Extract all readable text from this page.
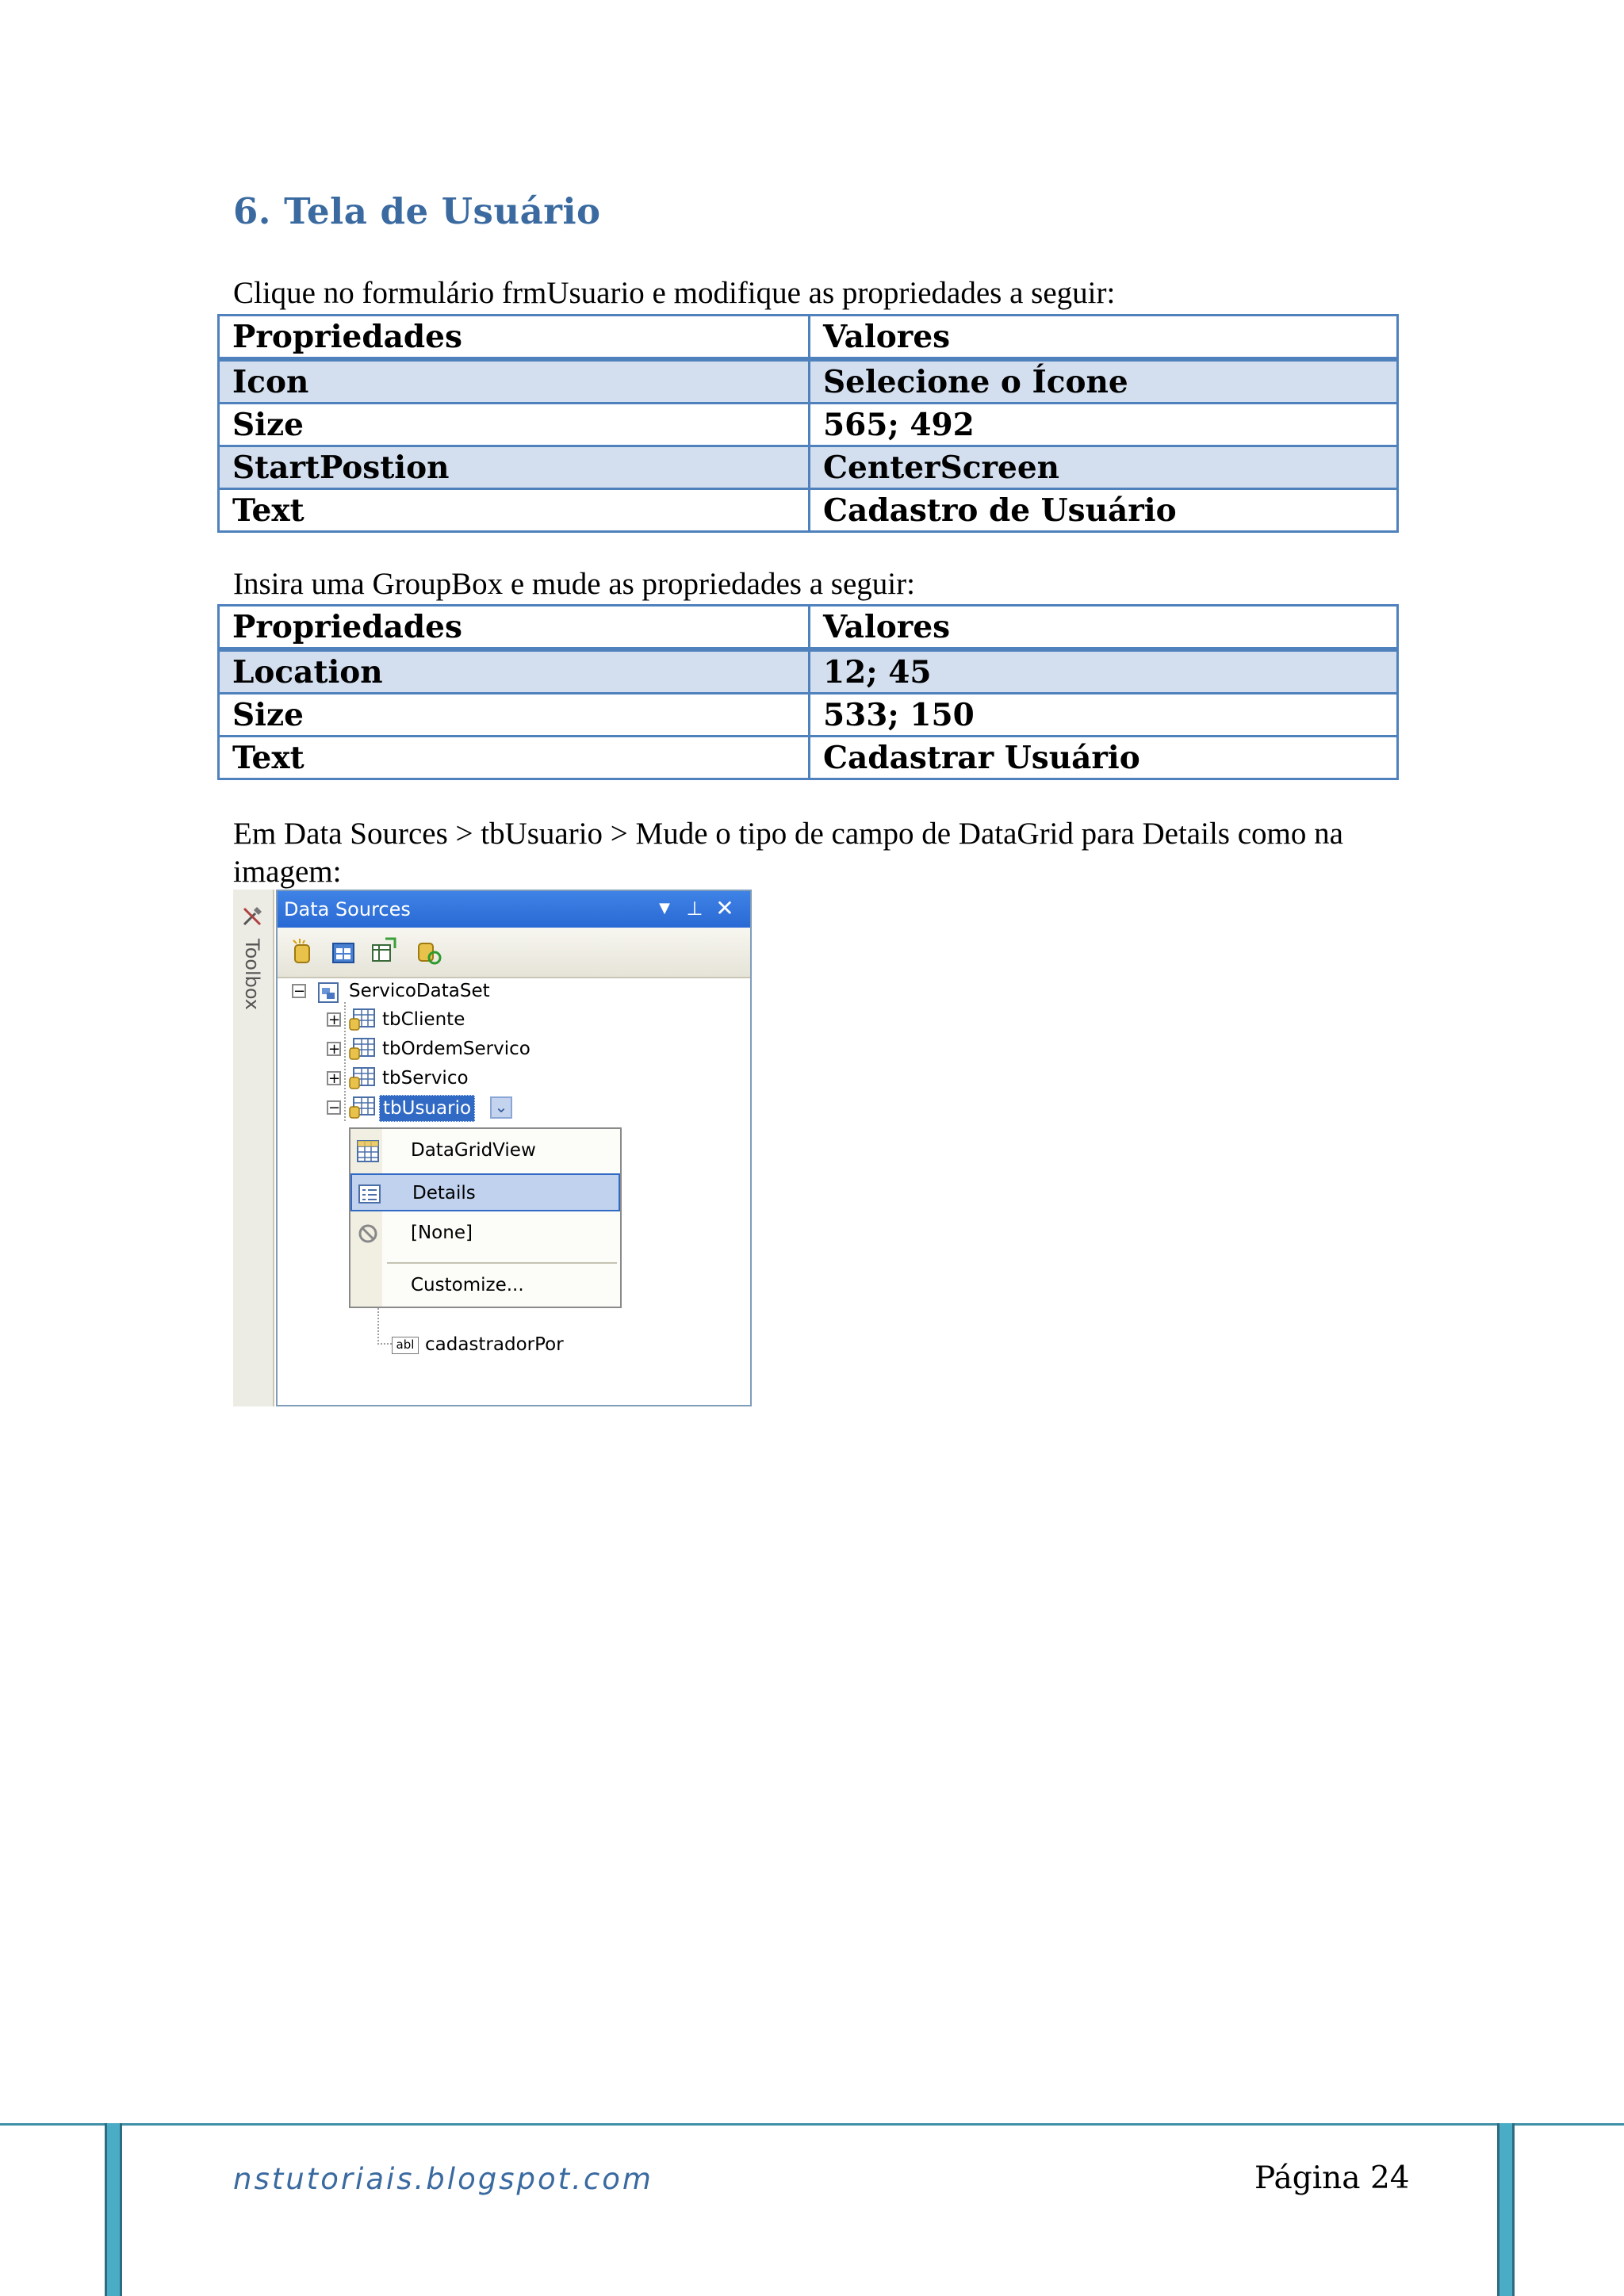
6. Tela de Usuário
Clique no formulário frmUsuario e modifique as propriedades a seguir:
Propriedades	Valores
Icon	Selecione o Ícone
Size	565; 492
StartPostion	CenterScreen
Text	Cadastro de Usuário
Insira uma GroupBox e mude as propriedades a seguir:
Propriedades	Valores
Location	12; 45
Size	533; 150
Text	Cadastrar Usuário
Em Data Sources > tbUsuario > Mude o tipo de campo de DataGrid para Details como na imagem:
Toolbox
Data Sources	▼ ⊥ ✕
− ServicoDataSet
+ tbCliente
+ tbOrdemServico
+ tbServico
− tbUsuario ⌄
abl cadastradorPor
DataGridView
Details
[None]
Customize...
nstutoriais.blogspot.com	Página 24
